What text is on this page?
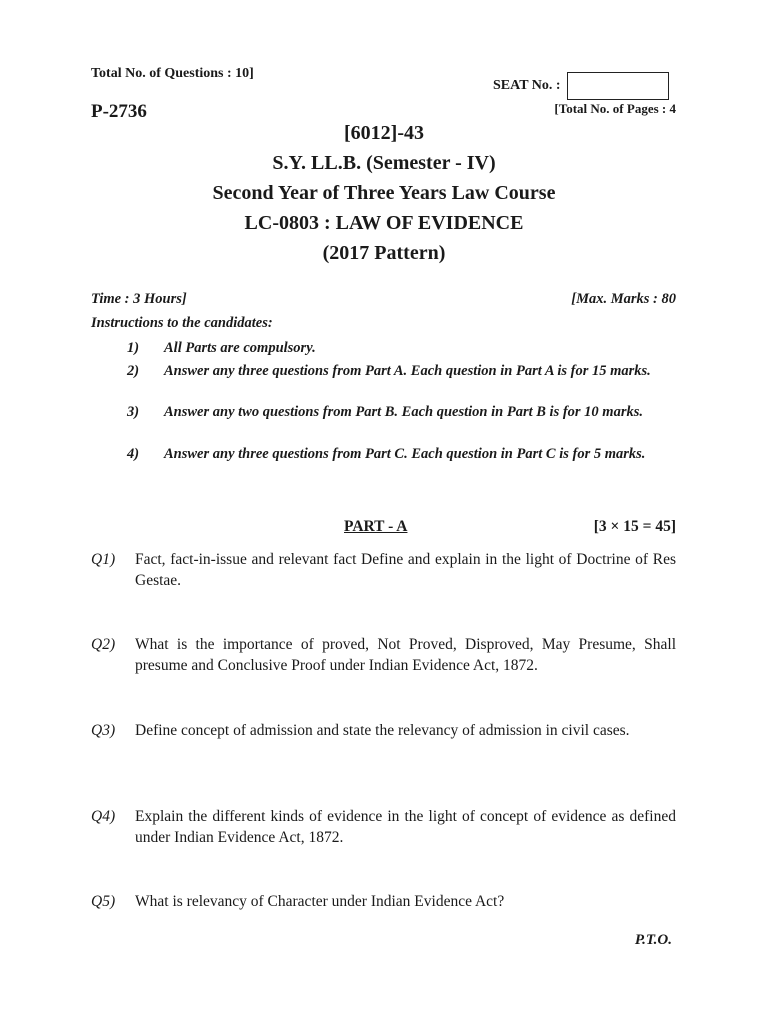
Total No. of Questions : 10]
SEAT No. :
P-2736	[Total No. of Pages : 4
[6012]-43
S.Y. LL.B. (Semester - IV)
Second Year of Three Years Law Course
LC-0803 : LAW OF EVIDENCE
(2017 Pattern)
Time : 3 Hours]	[Max. Marks : 80
Instructions to the candidates:
1)	All Parts are compulsory.
2)	Answer any three questions from Part A. Each question in Part A is for 15 marks.
3)	Answer any two questions from Part B. Each question in Part B is for 10 marks.
4)	Answer any three questions from Part C. Each question in Part C is for 5 marks.
PART - A	[3 × 15 = 45]
Q1)	Fact, fact-in-issue and relevant fact Define and explain in the light of Doctrine of Res Gestae.
Q2)	What is the importance of proved, Not Proved, Disproved, May Presume, Shall presume and Conclusive Proof under Indian Evidence Act, 1872.
Q3)	Define concept of admission and state the relevancy of admission in civil cases.
Q4)	Explain the different kinds of evidence in the light of concept of evidence as defined under Indian Evidence Act, 1872.
Q5)	What is relevancy of Character under Indian Evidence Act?
P.T.O.
